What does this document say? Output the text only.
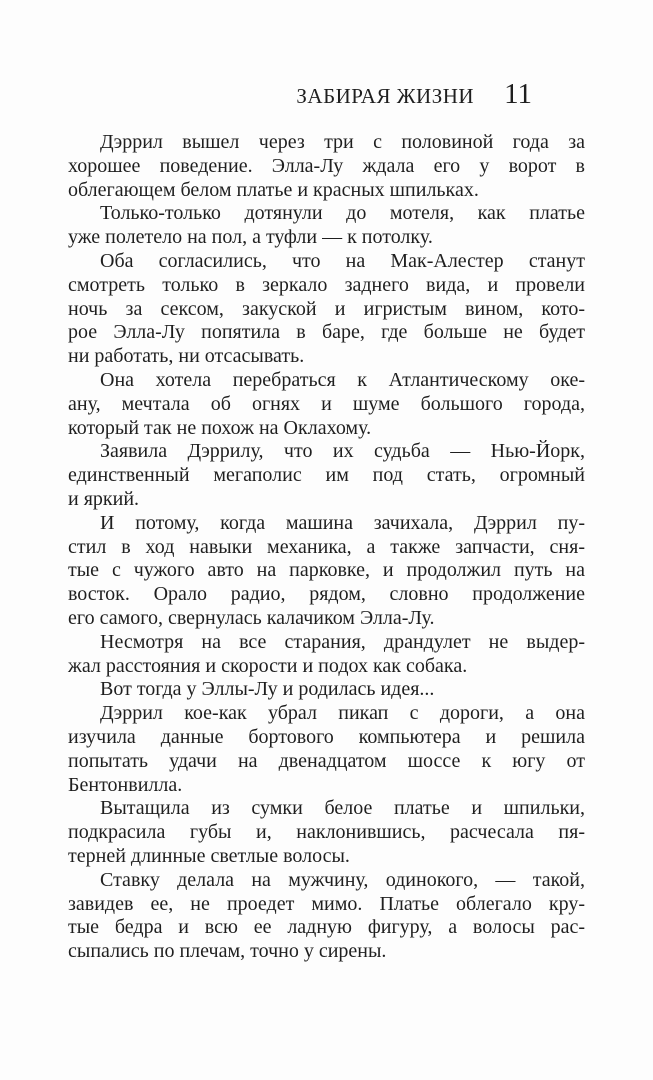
ЗАБИРАЯ ЖИЗНИ 11
Дэррил вышел через три с половиной года за
хорошее поведение. Элла-Лу ждала его у ворот в
облегающем белом платье и красных шпильках.
Только-только дотянули до мотеля, как платье
уже полетело на пол, а туфли — к потолку.
Оба согласились, что на Мак-Алестер станут
смотреть только в зеркало заднего вида, и провели
ночь за сексом, закуской и игристым вином, кото-
рое Элла-Лу попятила в баре, где больше не будет
ни работать, ни отсасывать.
Она хотела перебраться к Атлантическому оке-
ану, мечтала об огнях и шуме большого города,
который так не похож на Оклахому.
Заявила Дэррилу, что их судьба — Нью-Йорк,
единственный мегаполис им под стать, огромный
и яркий.
И потому, когда машина зачихала, Дэррил пу-
стил в ход навыки механика, а также запчасти, сня-
тые с чужого авто на парковке, и продолжил путь на
восток. Орало радио, рядом, словно продолжение
его самого, свернулась калачиком Элла-Лу.
Несмотря на все старания, драндулет не выдер-
жал расстояния и скорости и подох как собака.
Вот тогда у Эллы-Лу и родилась идея...
Дэррил кое-как убрал пикап с дороги, а она
изучила данные бортового компьютера и решила
попытать удачи на двенадцатом шоссе к югу от
Бентонвилла.
Вытащила из сумки белое платье и шпильки,
подкрасила губы и, наклонившись, расчесала пя-
терней длинные светлые волосы.
Ставку делала на мужчину, одинокого, — такой,
завидев ее, не проедет мимо. Платье облегало кру-
тые бедра и всю ее ладную фигуру, а волосы рас-
сыпались по плечам, точно у сирены.
